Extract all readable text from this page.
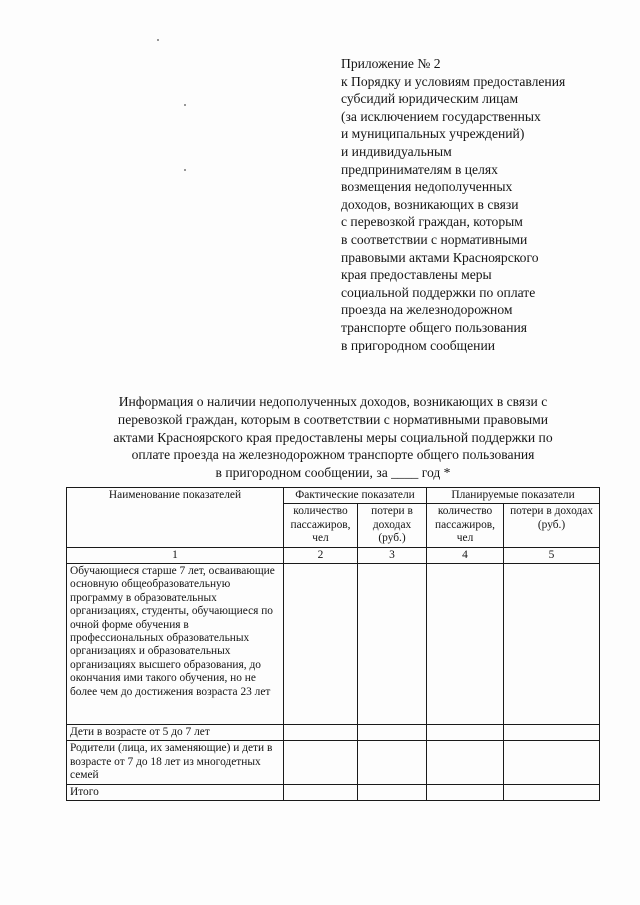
Приложение № 2
к Порядку и условиям предоставления
субсидий юридическим лицам
(за исключением государственных
и муниципальных учреждений)
и индивидуальным
предпринимателям в целях
возмещения недополученных
доходов, возникающих в связи
с перевозкой граждан, которым
в соответствии с нормативными
правовыми актами Красноярского
края предоставлены меры
социальной поддержки по оплате
проезда на железнодорожном
транспорте общего пользования
в пригородном сообщении
Информация о наличии недополученных доходов, возникающих в связи с
перевозкой граждан, которым в соответствии с нормативными правовыми
актами Красноярского края предоставлены меры социальной поддержки по
оплате проезда на железнодорожном транспорте общего пользования
в пригородном сообщении, за ____ год *
Наименование показателей	Фактические показатели		Планируемые показатели	
	количество пассажиров, чел	потери в доходах (руб.)	количество пассажиров, чел	потери в доходах (руб.)
1	2	3	4	5
Обучающиеся старше 7 лет, осваивающие основную общеобразовательную программу в образовательных организациях, студенты, обучающиеся по очной форме обучения в профессиональных образовательных организациях и образовательных организациях высшего образования, до окончания ими такого обучения, но не более чем до достижения возраста 23 лет				
Дети в возрасте от 5 до 7 лет				
Родители (лица, их заменяющие) и дети в возрасте от 7 до 18 лет из многодетных семей				
Итого				
